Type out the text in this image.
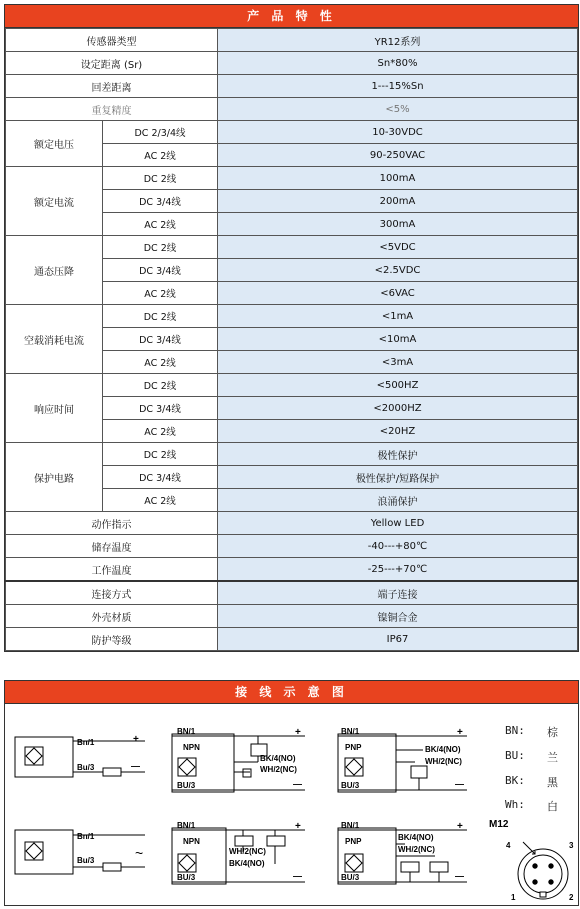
产 品 特 性
传感器类型		YR12系列
设定距离 (Sr)		Sn*80%
回差距离		1---15%Sn
重复精度		<5%
额定电压	DC 2/3/4线	10-30VDC
	AC 2线	90-250VAC
额定电流	DC 2线	100mA
	DC 3/4线	200mA
	AC 2线	300mA
通态压降	DC 2线	<5VDC
	DC 3/4线	<2.5VDC
	AC 2线	<6VAC
空载消耗电流	DC 2线	<1mA
	DC 3/4线	<10mA
	AC 2线	<3mA
响应时间	DC 2线	<500HZ
	DC 3/4线	<2000HZ
	AC 2线	<20HZ
保护电路	DC 2线	极性保护
	DC 3/4线	极性保护/短路保护
	AC 2线	浪涌保护
动作指示		Yellow LED
储存温度		-40---+80℃
工作温度		-25---+70℃
连接方式		端子连接
外壳材质		镍铜合金
防护等级		IP67
接 线 示 意 图
Bn/1
Bu/3
+
—
BN/1
NPN
BU/3
BK/4(NO)
WH/2(NC)
+
—
BN/1
PNP
BU/3
BK/4(NO)
WH/2(NC)
+
—
Bn/1
Bu/3	~
BN/1
NPN
BU/3
WH/2(NC)
BK/4(NO)
+
—
BN/1
PNP
BU/3
BK/4(NO)
WH/2(NC)
+
—
BN: 棕
BU: 兰
BK: 黑
Wh: 白
M12
4	3
1	2
